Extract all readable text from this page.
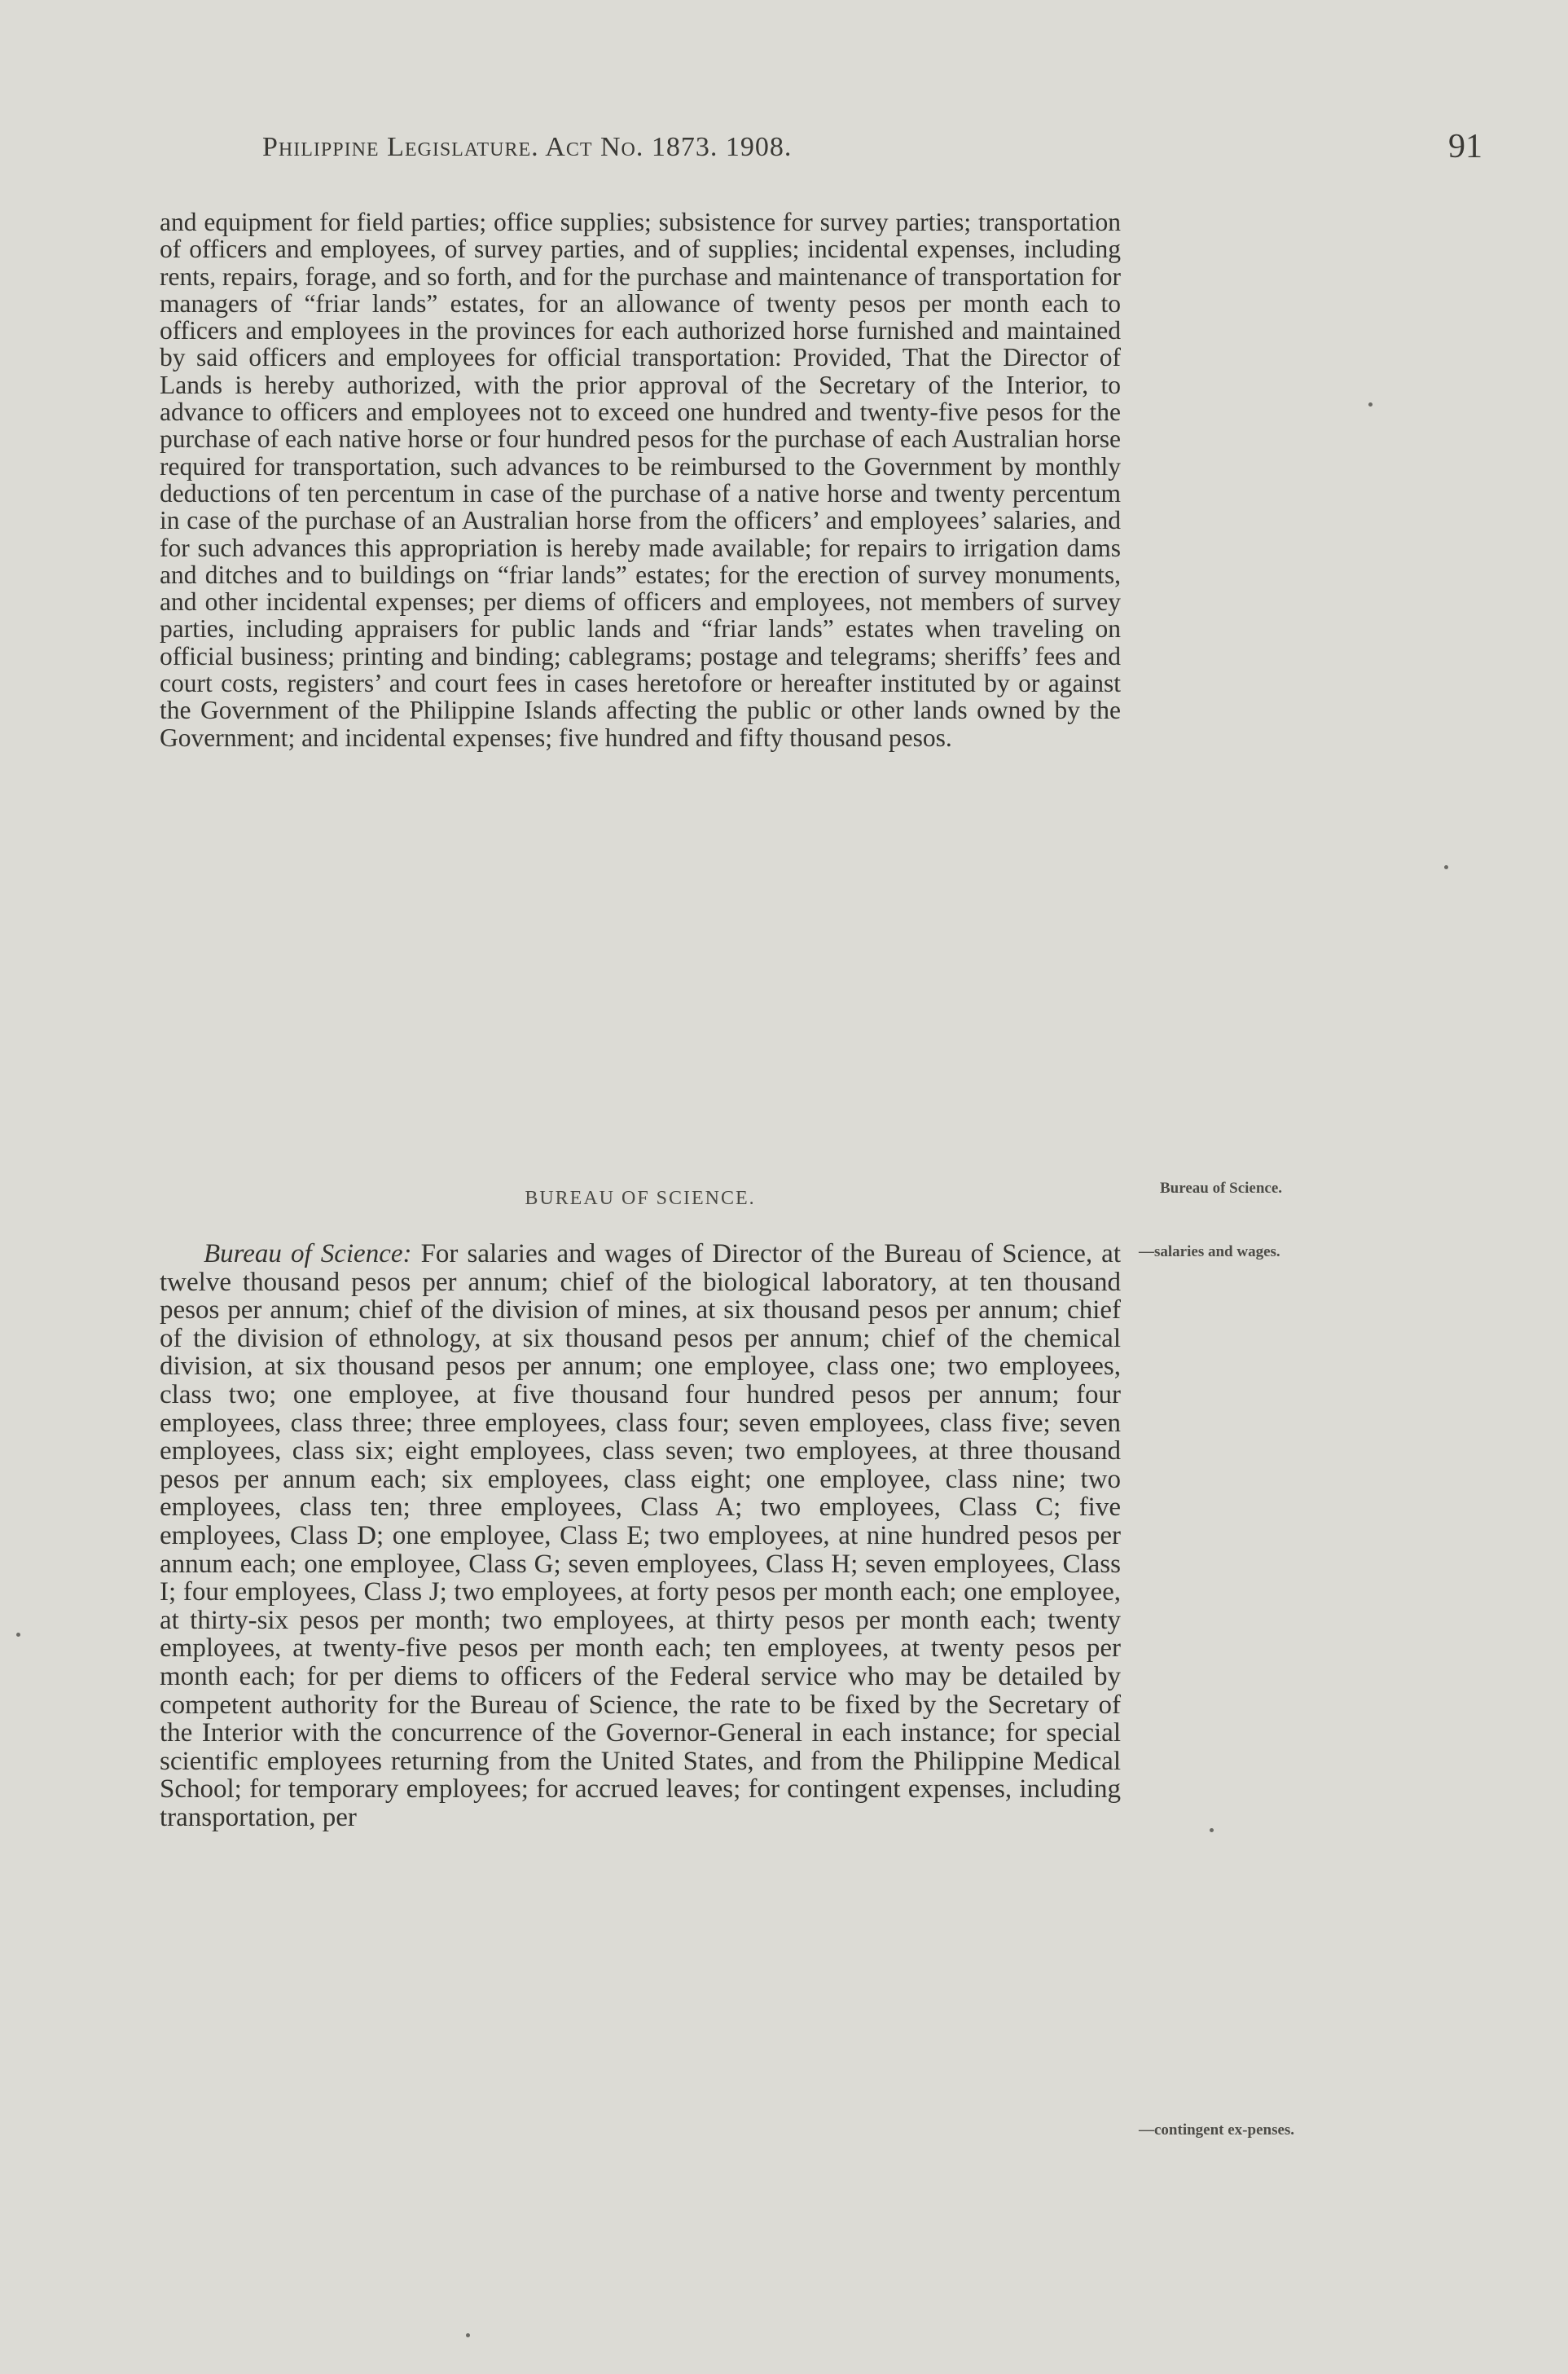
Philippine Legislature. Act No. 1873. 1908.	91
and equipment for field parties; office supplies; subsistence for survey parties; transportation of officers and employees, of survey parties, and of supplies; incidental expenses, including rents, repairs, forage, and so forth, and for the purchase and maintenance of transportation for managers of “friar lands” estates, for an allowance of twenty pesos per month each to officers and employees in the provinces for each authorized horse furnished and maintained by said officers and employees for official transportation: Provided, That the Director of Lands is hereby authorized, with the prior approval of the Secretary of the Interior, to advance to officers and employees not to exceed one hundred and twenty-five pesos for the purchase of each native horse or four hundred pesos for the purchase of each Australian horse required for transportation, such advances to be reimbursed to the Government by monthly deductions of ten percentum in case of the purchase of a native horse and twenty percentum in case of the purchase of an Australian horse from the officers’ and employees’ salaries, and for such advances this appropriation is hereby made available; for repairs to irrigation dams and ditches and to buildings on “friar lands” estates; for the erection of survey monuments, and other incidental expenses; per diems of officers and employees, not members of survey parties, including appraisers for public lands and “friar lands” estates when traveling on official business; printing and binding; cablegrams; postage and telegrams; sheriffs’ fees and court costs, registers’ and court fees in cases heretofore or hereafter instituted by or against the Government of the Philippine Islands affecting the public or other lands owned by the Government; and incidental expenses; five hundred and fifty thousand pesos.
BUREAU OF SCIENCE.	Bureau of Science.
—salaries and wages.
—contingent ex-penses.
Bureau of Science: For salaries and wages of Director of the Bureau of Science, at twelve thousand pesos per annum; chief of the biological laboratory, at ten thousand pesos per annum; chief of the division of mines, at six thousand pesos per annum; chief of the division of ethnology, at six thousand pesos per annum; chief of the chemical division, at six thousand pesos per annum; one employee, class one; two employees, class two; one employee, at five thousand four hundred pesos per annum; four employees, class three; three employees, class four; seven employees, class five; seven employees, class six; eight employees, class seven; two employees, at three thousand pesos per annum each; six employees, class eight; one employee, class nine; two employees, class ten; three employees, Class A; two employees, Class C; five employees, Class D; one employee, Class E; two employees, at nine hundred pesos per annum each; one employee, Class G; seven employees, Class H; seven employees, Class I; four employees, Class J; two employees, at forty pesos per month each; one employee, at thirty-six pesos per month; two employees, at thirty pesos per month each; twenty employees, at twenty-five pesos per month each; ten employees, at twenty pesos per month each; for per diems to officers of the Federal service who may be detailed by competent authority for the Bureau of Science, the rate to be fixed by the Secretary of the Interior with the concurrence of the Governor-General in each instance; for special scientific employees returning from the United States, and from the Philippine Medical School; for temporary employees; for accrued leaves; for contingent expenses, including transportation, per
